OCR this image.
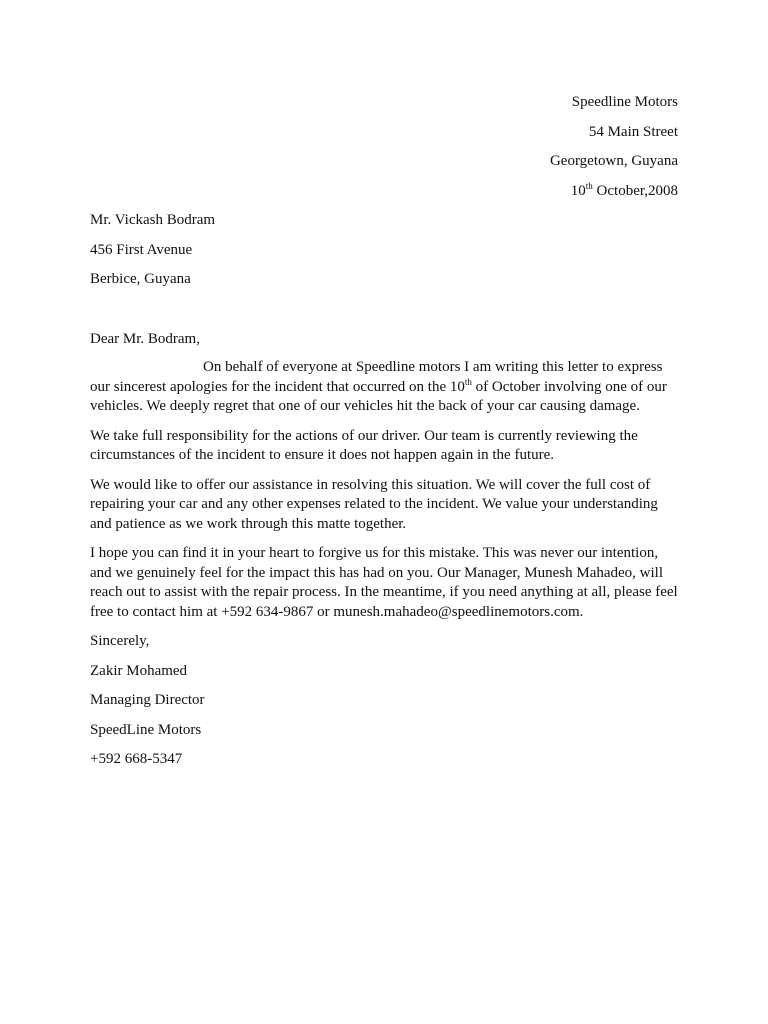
Speedline Motors
54 Main Street
Georgetown, Guyana
10th October,2008
Mr. Vickash Bodram
456 First Avenue
Berbice, Guyana
Dear Mr. Bodram,

On behalf of everyone at Speedline motors I am writing this letter to express our sincerest apologies for the incident that occurred on the 10th of October involving one of our vehicles. We deeply regret that one of our vehicles hit the back of your car causing damage.

We take full responsibility for the actions of our driver. Our team is currently reviewing the circumstances of the incident to ensure it does not happen again in the future.

We would like to offer our assistance in resolving this situation. We will cover the full cost of repairing your car and any other expenses related to the incident. We value your understanding and patience as we work through this matte together.

I hope you can find it in your heart to forgive us for this mistake. This was never our intention, and we genuinely feel for the impact this has had on you. Our Manager, Munesh Mahadeo, will reach out to assist with the repair process. In the meantime, if you need anything at all, please feel free to contact him at +592 634-9867 or munesh.mahadeo@speedlinemotors.com.

Sincerely,
Zakir Mohamed
Managing Director
SpeedLine Motors
+592 668-5347
